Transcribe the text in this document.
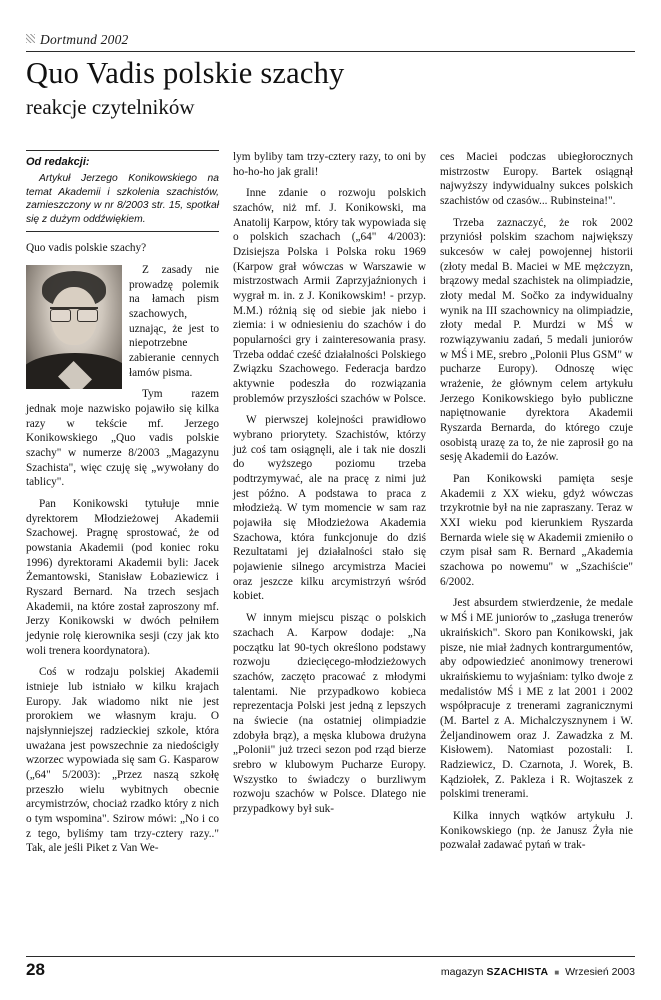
Dortmund 2002
Quo Vadis polskie szachy
reakcje czytelników
Od redakcji:

Artykuł Jerzego Konikowskiego na temat Akademii i szkolenia szachistów, zamieszczony w nr 8/2003 str. 15, spotkał się z dużym oddźwiękiem.

Quo vadis polskie szachy?

Z zasady nie prowadzę polemik na łamach pism szachowych, uznając, że jest to niepotrzebne zabieranie cennych łamów pisma.

Tym razem jednak moje nazwisko pojawiło się kilka razy w tekście mf. Jerzego Konikowskiego „Quo vadis polskie szachy" w numerze 8/2003 „Magazynu Szachista", więc czuję się „wywołany do tablicy".

Pan Konikowski tytułuje mnie dyrektorem Młodzieżowej Akademii Szachowej. Pragnę sprostować, że od powstania Akademii (pod koniec roku 1996) dyrektorami Akademii byli: Jacek Żemantowski, Stanisław Łobaziewicz i Ryszard Bernard. Na trzech sesjach Akademii, na które został zaproszony mf. Jerzy Konikowski w dwóch pełniłem jedynie rolę kierownika sesji (czy jak kto woli trenera koordynatora).

Coś w rodzaju polskiej Akademii istnieje lub istniało w kilku krajach Europy. Jak wiadomo nikt nie jest prorokiem we własnym kraju. O najsłynniejszej radzieckiej szkole, która uważana jest powszechnie za niedościgły wzorzec wypowiada się sam G. Kasparow („64" 5/2003): „Przez naszą szkołę przeszło wielu wybitnych obecnie arcymistrzów, chociaż rzadko który z nich o tym wspomina". Szirow mówi: „No i co z tego, byliśmy tam trzy-cztery razy.." Tak, ale jeśli Piket z Van We-

lym byliby tam trzy-cztery razy, to oni by ho-ho-ho jak grali!

Inne zdanie o rozwoju polskich szachów, niż mf. J. Konikowski, ma Anatolij Karpow, który tak wypowiada się o polskich szachach („64" 4/2003): Dzisiejsza Polska i Polska roku 1969 (Karpow grał wówczas w Warszawie w mistrzostwach Armii Zaprzyjaźnionych i wygrał m. in. z J. Konikowskim! - przyp. M.M.) różnią się od siebie jak niebo i ziemia: i w odniesieniu do szachów i do popularności gry i zainteresowania prasy. Trzeba oddać cześć działalności Polskiego Związku Szachowego. Federacja bardzo aktywnie podeszła do rozwiązania problemów przyszłości szachów w Polsce.

W pierwszej kolejności prawidłowo wybrano priorytety. Szachistów, którzy już coś tam osiągnęli, ale i tak nie doszli do wyższego poziomu trzeba podtrzymywać, ale na pracę z nimi już jest późno. A podstawa to praca z młodzieżą. W tym momencie w sam raz pojawiła się Młodzieżowa Akademia Szachowa, która funkcjonuje do dziś Rezultatami jej działalności stało się pojawienie silnego arcymistrza Maciei oraz jeszcze kilku arcymistrzyń wśród kobiet.

W innym miejscu pisząc o polskich szachach A. Karpow dodaje: „Na początku lat 90-tych określono podstawy rozwoju dziecięcego-młodzieżowych szachów, zaczęto pracować z młodymi talentami. Nie przypadkowo kobieca reprezentacja Polski jest jedną z lepszych na świecie (na ostatniej olimpiadzie zdobyła brąz), a męska klubowa drużyna „Polonii" już trzeci sezon pod rząd bierze srebro w klubowym Pucharze Europy. Wszystko to świadczy o burzliwym rozwoju szachów w Polsce. Dlatego nie przypadkowy był suk-

ces Maciei podczas ubiegłorocznych mistrzostw Europy. Bartek osiągnął najwyższy indywidualny sukces polskich szachistów od czasów... Rubinsteina!".

Trzeba zaznaczyć, że rok 2002 przyniósł polskim szachom największy sukcesów w całej powojennej historii (złoty medal B. Maciei w ME mężczyzn, brązowy medal szachistek na olimpiadzie, złoty medal M. Sočko za indywidualny wynik na III szachownicy na olimpiadzie, złoty medal P. Murdzi w MŚ w rozwiązywaniu zadań, 5 medali juniorów w MŚ i ME, srebro „Polonii Plus GSM" w pucharze Europy). Odnoszę więc wrażenie, że głównym celem artykułu Jerzego Konikowskiego było publiczne napiętnowanie dyrektora Akademii Ryszarda Bernarda, do którego czuje osobistą urazę za to, że nie zaprosił go na sesję Akademii do Łazów.

Pan Konikowski pamięta sesje Akademii z XX wieku, gdyż wówczas trzykrotnie był na nie zapraszany. Teraz w XXI wieku pod kierunkiem Ryszarda Bernarda wiele się w Akademii zmieniło o czym pisał sam R. Bernard „Akademia szachowa po nowemu" w „Szachiście" 6/2002.

Jest absurdem stwierdzenie, że medale w MŚ i ME juniorów to „zasługa trenerów ukraińskich". Skoro pan Konikowski, jak pisze, nie miał żadnych kontrargumentów, aby odpowiedzieć anonimowy trenerowi ukraińskiemu to wyjaśniam: tylko dwoje z medalistów MŚ i ME z lat 2001 i 2002 współpracuje z trenerami zagranicznymi (M. Bartel z A. Michalczysznynem i W. Żeljandinowem oraz J. Zawadzka z M. Kisłowem). Natomiast pozostali: I. Radziewicz, D. Czarnota, J. Worek, B. Kądziołek, Z. Pakleza i R. Wojtaszek z polskimi trenerami.

Kilka innych wątków artykułu J. Konikowskiego (np. że Janusz Żyła nie pozwalał zadawać pytań w trak-

28	magazyn SZACHISTA ■ Wrzesień 2003
